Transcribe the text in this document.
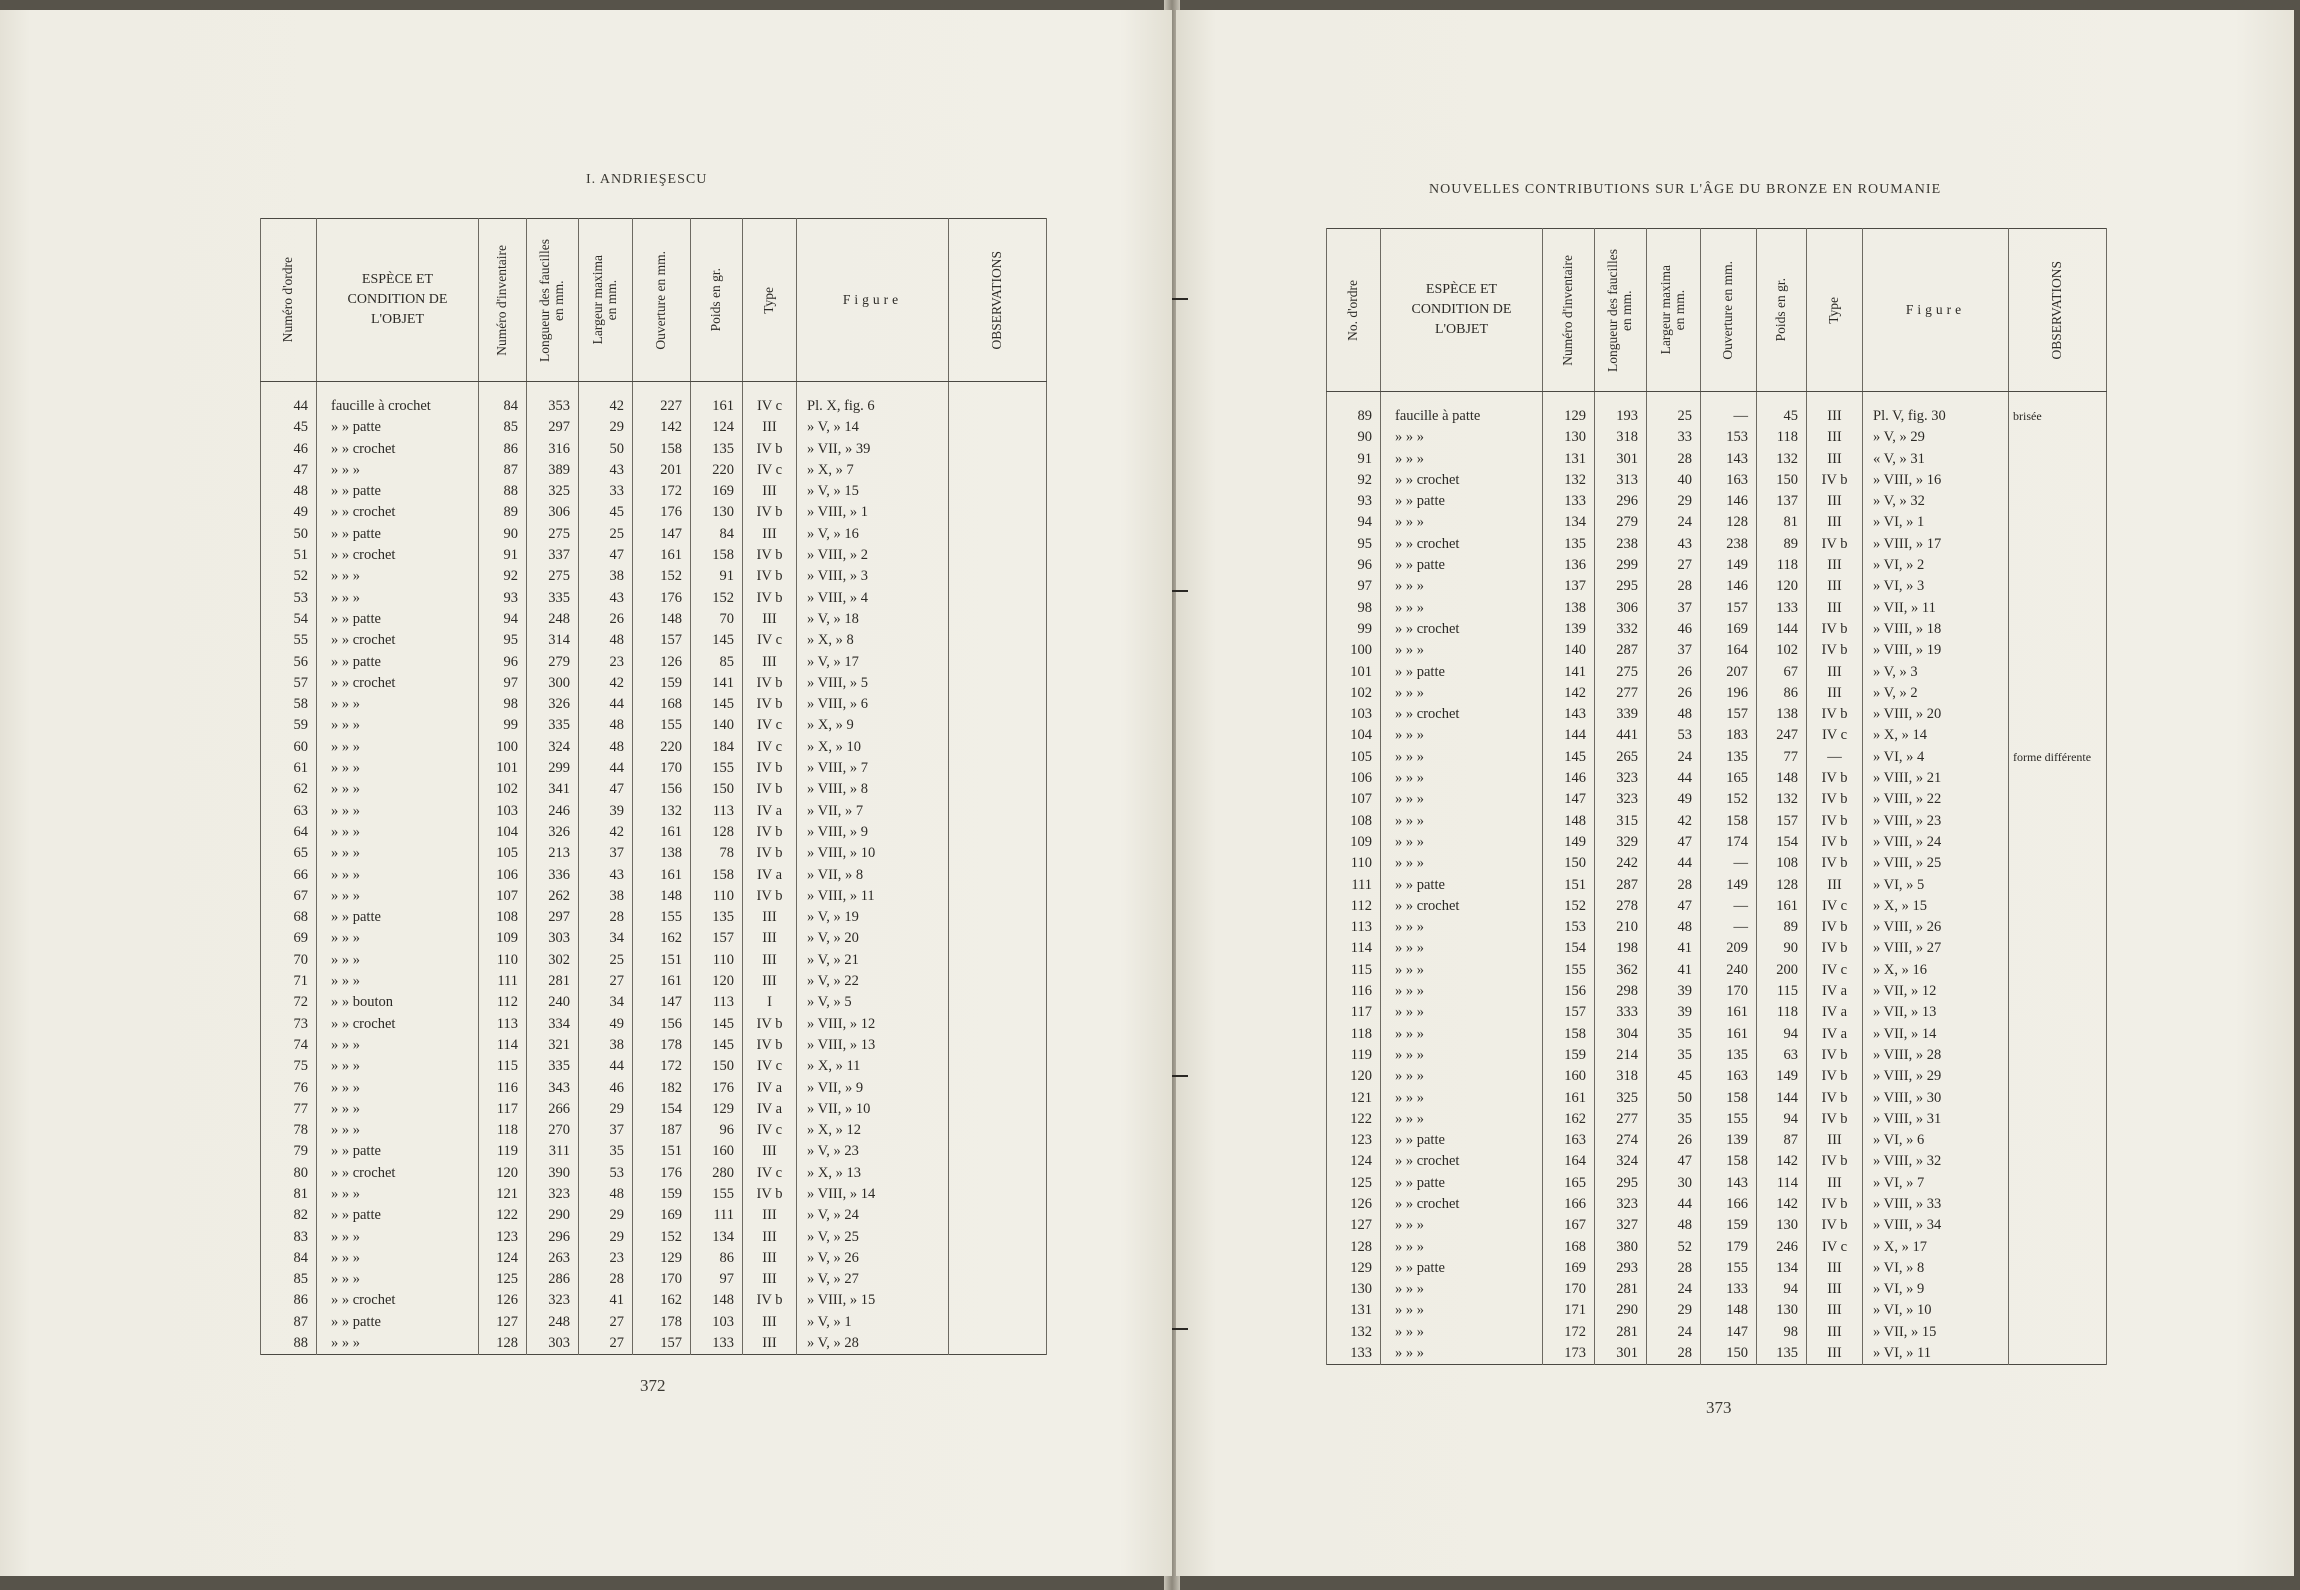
I. ANDRIEŞESCU
Numéro d'ordre	ESPÈCE ET
CONDITION DE
L'OBJET	Numéro d'inventaire	Longueur des faucilles
en mm.	Largeur maxima
en mm.	Ouverture en mm.	Poids en gr.	Type	Figure	OBSERVATIONS

44	faucille à crochet	84	353	42	227	161	IV c	Pl. X, fig. 6	
45	» » patte	85	297	29	142	124	III	» V, » 14	
46	» » crochet	86	316	50	158	135	IV b	» VII, » 39	
47	» » »	87	389	43	201	220	IV c	» X, » 7	
48	» » patte	88	325	33	172	169	III	» V, » 15	
49	» » crochet	89	306	45	176	130	IV b	» VIII, » 1	
50	» » patte	90	275	25	147	84	III	» V, » 16	
51	» » crochet	91	337	47	161	158	IV b	» VIII, » 2	
52	» » »	92	275	38	152	91	IV b	» VIII, » 3	
53	» » »	93	335	43	176	152	IV b	» VIII, » 4	
54	» » patte	94	248	26	148	70	III	» V, » 18	
55	» » crochet	95	314	48	157	145	IV c	» X, » 8	
56	» » patte	96	279	23	126	85	III	» V, » 17	
57	» » crochet	97	300	42	159	141	IV b	» VIII, » 5	
58	» » »	98	326	44	168	145	IV b	» VIII, » 6	
59	» » »	99	335	48	155	140	IV c	» X, » 9	
60	» » »	100	324	48	220	184	IV c	» X, » 10	
61	» » »	101	299	44	170	155	IV b	» VIII, » 7	
62	» » »	102	341	47	156	150	IV b	» VIII, » 8	
63	» » »	103	246	39	132	113	IV a	» VII, » 7	
64	» » »	104	326	42	161	128	IV b	» VIII, » 9	
65	» » »	105	213	37	138	78	IV b	» VIII, » 10	
66	» » »	106	336	43	161	158	IV a	» VII, » 8	
67	» » »	107	262	38	148	110	IV b	» VIII, » 11	
68	» » patte	108	297	28	155	135	III	» V, » 19	
69	» » »	109	303	34	162	157	III	» V, » 20	
70	» » »	110	302	25	151	110	III	» V, » 21	
71	» » »	111	281	27	161	120	III	» V, » 22	
72	» » bouton	112	240	34	147	113	I	» V, » 5	
73	» » crochet	113	334	49	156	145	IV b	» VIII, » 12	
74	» » »	114	321	38	178	145	IV b	» VIII, » 13	
75	» » »	115	335	44	172	150	IV c	» X, » 11	
76	» » »	116	343	46	182	176	IV a	» VII, » 9	
77	» » »	117	266	29	154	129	IV a	» VII, » 10	
78	» » »	118	270	37	187	96	IV c	» X, » 12	
79	» » patte	119	311	35	151	160	III	» V, » 23	
80	» » crochet	120	390	53	176	280	IV c	» X, » 13	
81	» » »	121	323	48	159	155	IV b	» VIII, » 14	
82	» » patte	122	290	29	169	111	III	» V, » 24	
83	» » »	123	296	29	152	134	III	» V, » 25	
84	» » »	124	263	23	129	86	III	» V, » 26	
85	» » »	125	286	28	170	97	III	» V, » 27	
86	» » crochet	126	323	41	162	148	IV b	» VIII, » 15	
87	» » patte	127	248	27	178	103	III	» V, » 1	
88	» » »	128	303	27	157	133	III	» V, » 28	
372
NOUVELLES CONTRIBUTIONS SUR L'ÂGE DU BRONZE EN ROUMANIE
No. d'ordre	ESPÈCE ET
CONDITION DE
L'OBJET	Numéro d'inventaire	Longueur des faucilles
en mm.	Largeur maxima
en mm.	Ouverture en mm.	Poids en gr.	Type	Figure	OBSERVATIONS

89	faucille à patte	129	193	25	—	45	III	Pl. V, fig. 30	brisée
90	» » »	130	318	33	153	118	III	» V, » 29	
91	» » »	131	301	28	143	132	III	« V, » 31	
92	» » crochet	132	313	40	163	150	IV b	» VIII, » 16	
93	» » patte	133	296	29	146	137	III	» V, » 32	
94	» » »	134	279	24	128	81	III	» VI, » 1	
95	» » crochet	135	238	43	238	89	IV b	» VIII, » 17	
96	» » patte	136	299	27	149	118	III	» VI, » 2	
97	» » »	137	295	28	146	120	III	» VI, » 3	
98	» » »	138	306	37	157	133	III	» VII, » 11	
99	» » crochet	139	332	46	169	144	IV b	» VIII, » 18	
100	» » »	140	287	37	164	102	IV b	» VIII, » 19	
101	» » patte	141	275	26	207	67	III	» V, » 3	
102	» » »	142	277	26	196	86	III	» V, » 2	
103	» » crochet	143	339	48	157	138	IV b	» VIII, » 20	
104	» » »	144	441	53	183	247	IV c	» X, » 14	
105	» » »	145	265	24	135	77	—	» VI, » 4	forme différente
106	» » »	146	323	44	165	148	IV b	» VIII, » 21	
107	» » »	147	323	49	152	132	IV b	» VIII, » 22	
108	» » »	148	315	42	158	157	IV b	» VIII, » 23	
109	» » »	149	329	47	174	154	IV b	» VIII, » 24	
110	» » »	150	242	44	—	108	IV b	» VIII, » 25	
111	» » patte	151	287	28	149	128	III	» VI, » 5	
112	» » crochet	152	278	47	—	161	IV c	» X, » 15	
113	» » »	153	210	48	—	89	IV b	» VIII, » 26	
114	» » »	154	198	41	209	90	IV b	» VIII, » 27	
115	» » »	155	362	41	240	200	IV c	» X, » 16	
116	» » »	156	298	39	170	115	IV a	» VII, » 12	
117	» » »	157	333	39	161	118	IV a	» VII, » 13	
118	» » »	158	304	35	161	94	IV a	» VII, » 14	
119	» » »	159	214	35	135	63	IV b	» VIII, » 28	
120	» » »	160	318	45	163	149	IV b	» VIII, » 29	
121	» » »	161	325	50	158	144	IV b	» VIII, » 30	
122	» » »	162	277	35	155	94	IV b	» VIII, » 31	
123	» » patte	163	274	26	139	87	III	» VI, » 6	
124	» » crochet	164	324	47	158	142	IV b	» VIII, » 32	
125	» » patte	165	295	30	143	114	III	» VI, » 7	
126	» » crochet	166	323	44	166	142	IV b	» VIII, » 33	
127	» » »	167	327	48	159	130	IV b	» VIII, » 34	
128	» » »	168	380	52	179	246	IV c	» X, » 17	
129	» » patte	169	293	28	155	134	III	» VI, » 8	
130	» » »	170	281	24	133	94	III	» VI, » 9	
131	» » »	171	290	29	148	130	III	» VI, » 10	
132	» » »	172	281	24	147	98	III	» VII, » 15	
133	» » »	173	301	28	150	135	III	» VI, » 11	
373
